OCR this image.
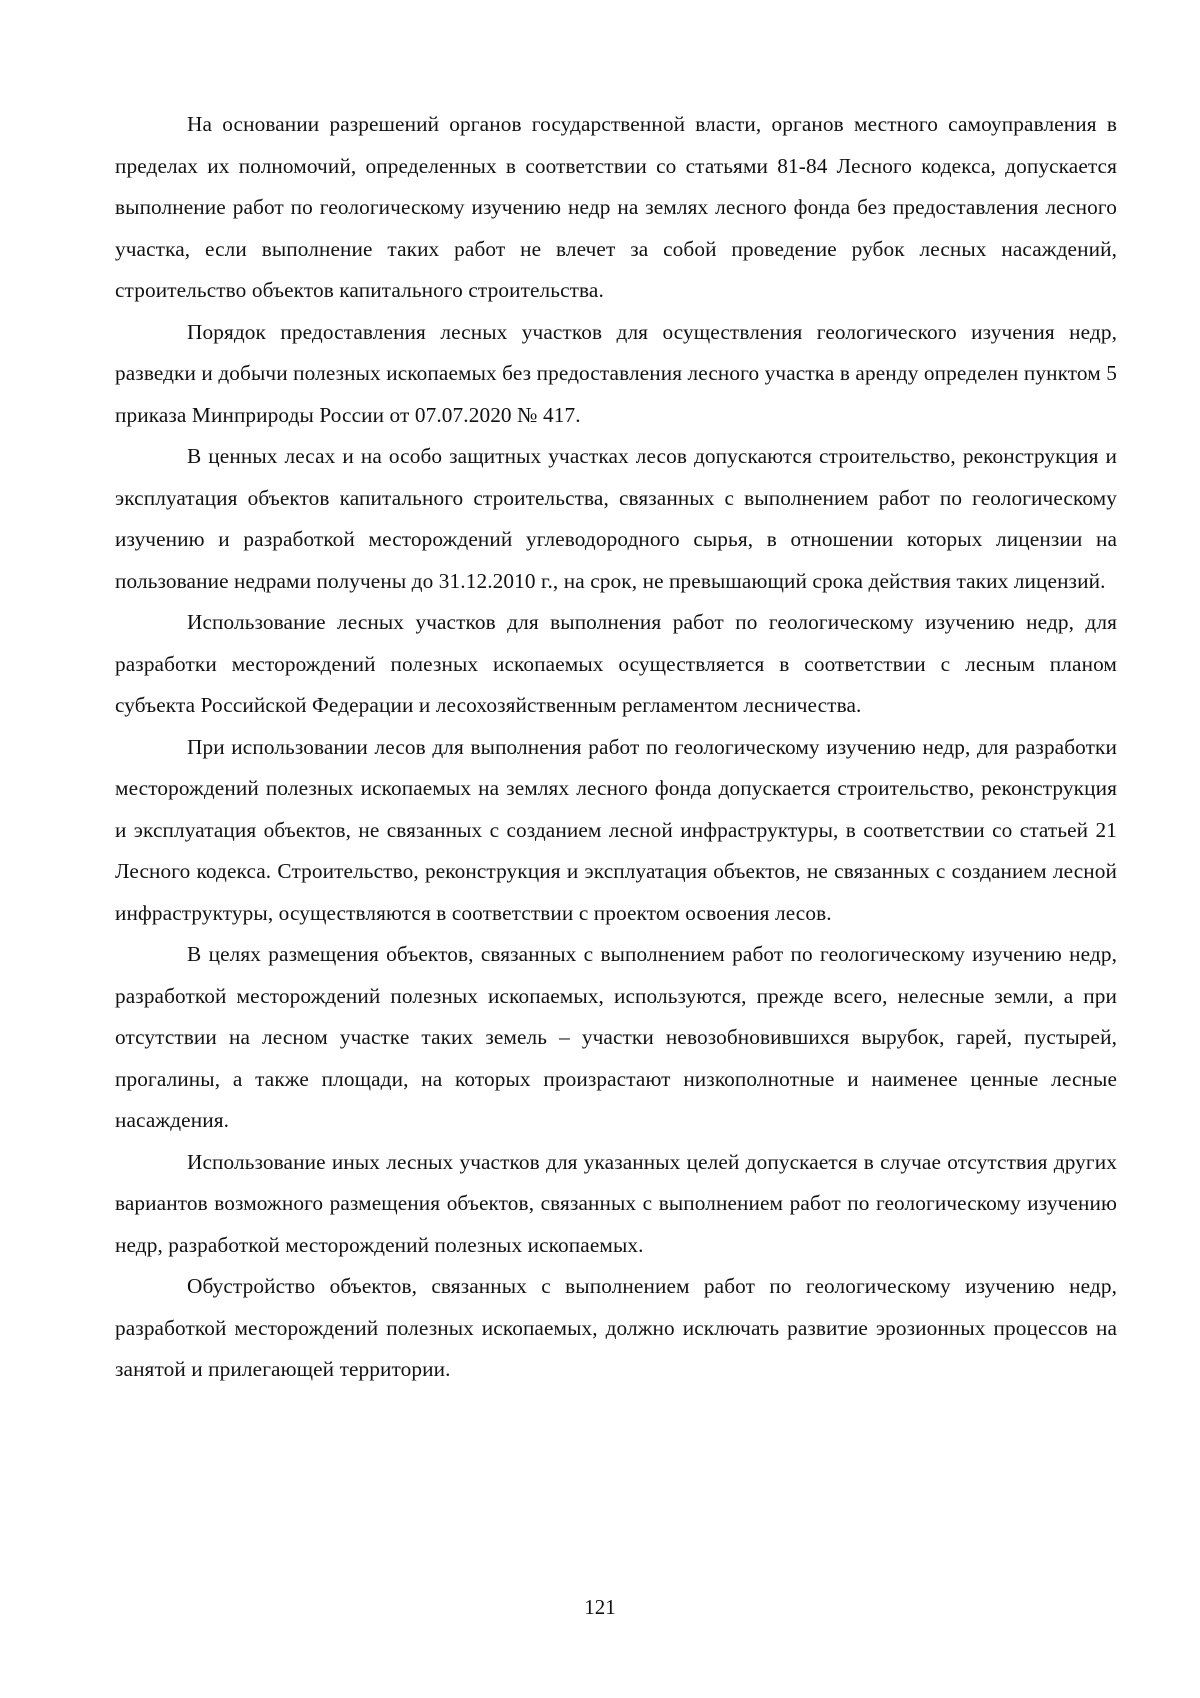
На основании разрешений органов государственной власти, органов местного самоуправления в пределах их полномочий, определенных в соответствии со статьями 81-84 Лесного кодекса, допускается выполнение работ по геологическому изучению недр на землях лесного фонда без предоставления лесного участка, если выполнение таких работ не влечет за собой проведение рубок лесных насаждений, строительство объектов капитального строительства.

Порядок предоставления лесных участков для осуществления геологического изучения недр, разведки и добычи полезных ископаемых без предоставления лесного участка в аренду определен пунктом 5 приказа Минприроды России от 07.07.2020 № 417.

В ценных лесах и на особо защитных участках лесов допускаются строительство, реконструкция и эксплуатация объектов капитального строительства, связанных с выполнением работ по геологическому изучению и разработкой месторождений углеводородного сырья, в отношении которых лицензии на пользование недрами получены до 31.12.2010 г., на срок, не превышающий срока действия таких лицензий.

Использование лесных участков для выполнения работ по геологическому изучению недр, для разработки месторождений полезных ископаемых осуществляется в соответствии с лесным планом субъекта Российской Федерации и лесохозяйственным регламентом лесничества.

При использовании лесов для выполнения работ по геологическому изучению недр, для разработки месторождений полезных ископаемых на землях лесного фонда допускается строительство, реконструкция и эксплуатация объектов, не связанных с созданием лесной инфраструктуры, в соответствии со статьей 21 Лесного кодекса. Строительство, реконструкция и эксплуатация объектов, не связанных с созданием лесной инфраструктуры, осуществляются в соответствии с проектом освоения лесов.

В целях размещения объектов, связанных с выполнением работ по геологическому изучению недр, разработкой месторождений полезных ископаемых, используются, прежде всего, нелесные земли, а при отсутствии на лесном участке таких земель – участки невозобновившихся вырубок, гарей, пустырей, прогалины, а также площади, на которых произрастают низкополнотные и наименее ценные лесные насаждения.

Использование иных лесных участков для указанных целей допускается в случае отсутствия других вариантов возможного размещения объектов, связанных с выполнением работ по геологическому изучению недр, разработкой месторождений полезных ископаемых.

Обустройство объектов, связанных с выполнением работ по геологическому изучению недр, разработкой месторождений полезных ископаемых, должно исключать развитие эрозионных процессов на занятой и прилегающей территории.

121
